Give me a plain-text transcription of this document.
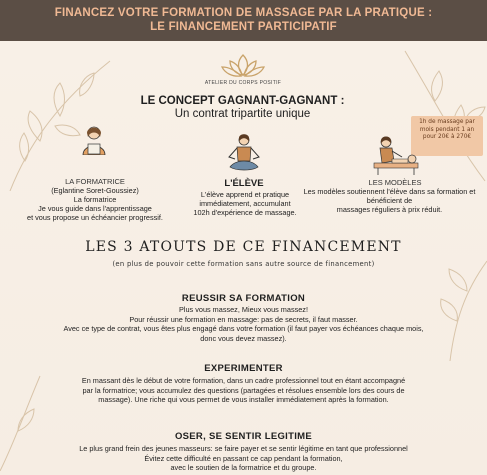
FINANCEZ VOTRE FORMATION DE MASSAGE PAR LA PRATIQUE :
LE FINANCEMENT PARTICIPATIF
ATELIER DU CORPS POSITIF
LE CONCEPT GAGNANT-GAGNANT :
Un contrat tripartite unique
1h de massage par
mois pendant 1 an
pour 20€ à 270€
LA FORMATRICE
(Eglantine Soret-Goussiez)
La formatrice
Je vous guide dans l'apprentissage
et vous propose un échéancier progressif.
L'ÉLÈVE
L'élève apprend et pratique
immédiatement, accumulant
102h d'expérience de massage.
LES MODÈLES
Les modèles soutiennent l'élève dans sa formation et
bénéficient de
massages réguliers à prix réduit.
LES 3 ATOUTS DE CE FINANCEMENT
(en plus de pouvoir cette formation sans autre source de financement)
REUSSIR SA FORMATION
Plus vous massez, Mieux vous massez!
Pour réussir une formation en massage: pas de secrets, il faut masser.
Avec ce type de contrat, vous êtes plus engagé dans votre formation (il faut payer vos échéances chaque mois,
donc vous devez massez).
EXPERIMENTER
En massant dès le début de votre formation, dans un cadre professionnel tout en étant accompagné
par la formatrice; vous accumulez des questions (partagées et résolues ensemble lors des cours de
massage). Une riche qui vous permet de vous installer immédiatement après la formation.
OSER, SE SENTIR LEGITIME
Le plus grand frein des jeunes masseurs: se faire payer et se sentir légitime en tant que professionnel
Évitez cette difficulté en passant ce cap pendant la formation,
avec le soutien de la formatrice et du groupe.
